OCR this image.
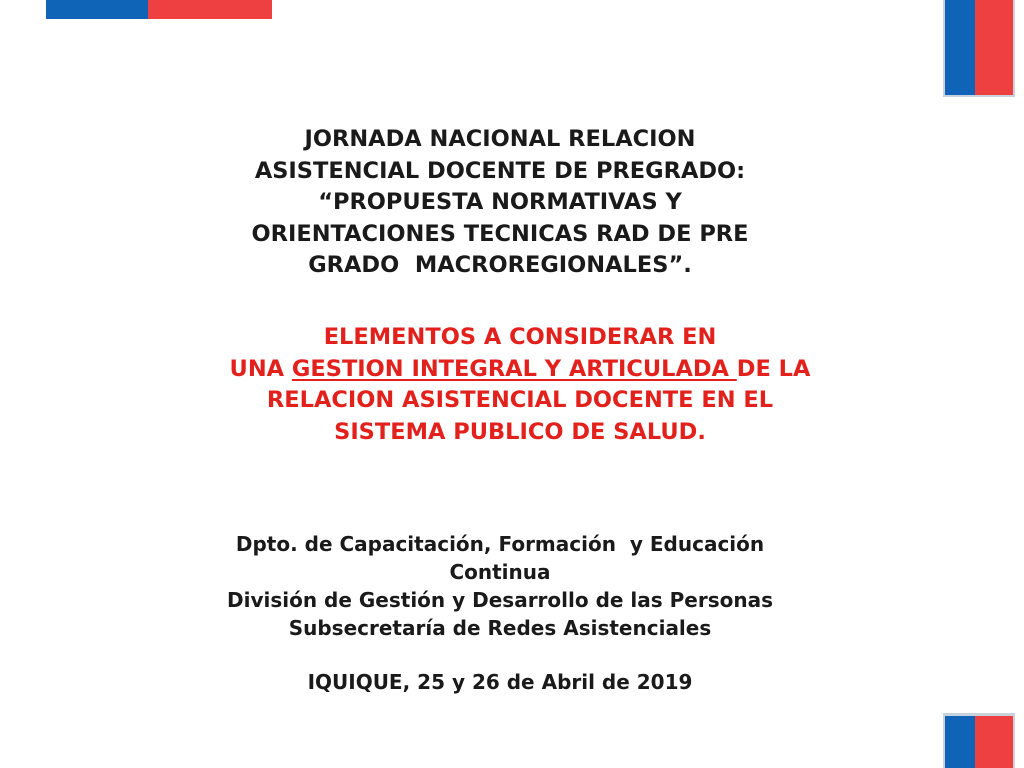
JORNADA NACIONAL RELACION
ASISTENCIAL DOCENTE DE PREGRADO:
“PROPUESTA NORMATIVAS Y
ORIENTACIONES TECNICAS RAD DE PRE
GRADO  MACROREGIONALES”.
ELEMENTOS A CONSIDERAR EN
UNA GESTION INTEGRAL Y ARTICULADA DE LA
RELACION ASISTENCIAL DOCENTE EN EL
SISTEMA PUBLICO DE SALUD.
Dpto. de Capacitación, Formación  y Educación
Continua
División de Gestión y Desarrollo de las Personas
Subsecretaría de Redes Asistenciales
IQUIQUE, 25 y 26 de Abril de 2019
